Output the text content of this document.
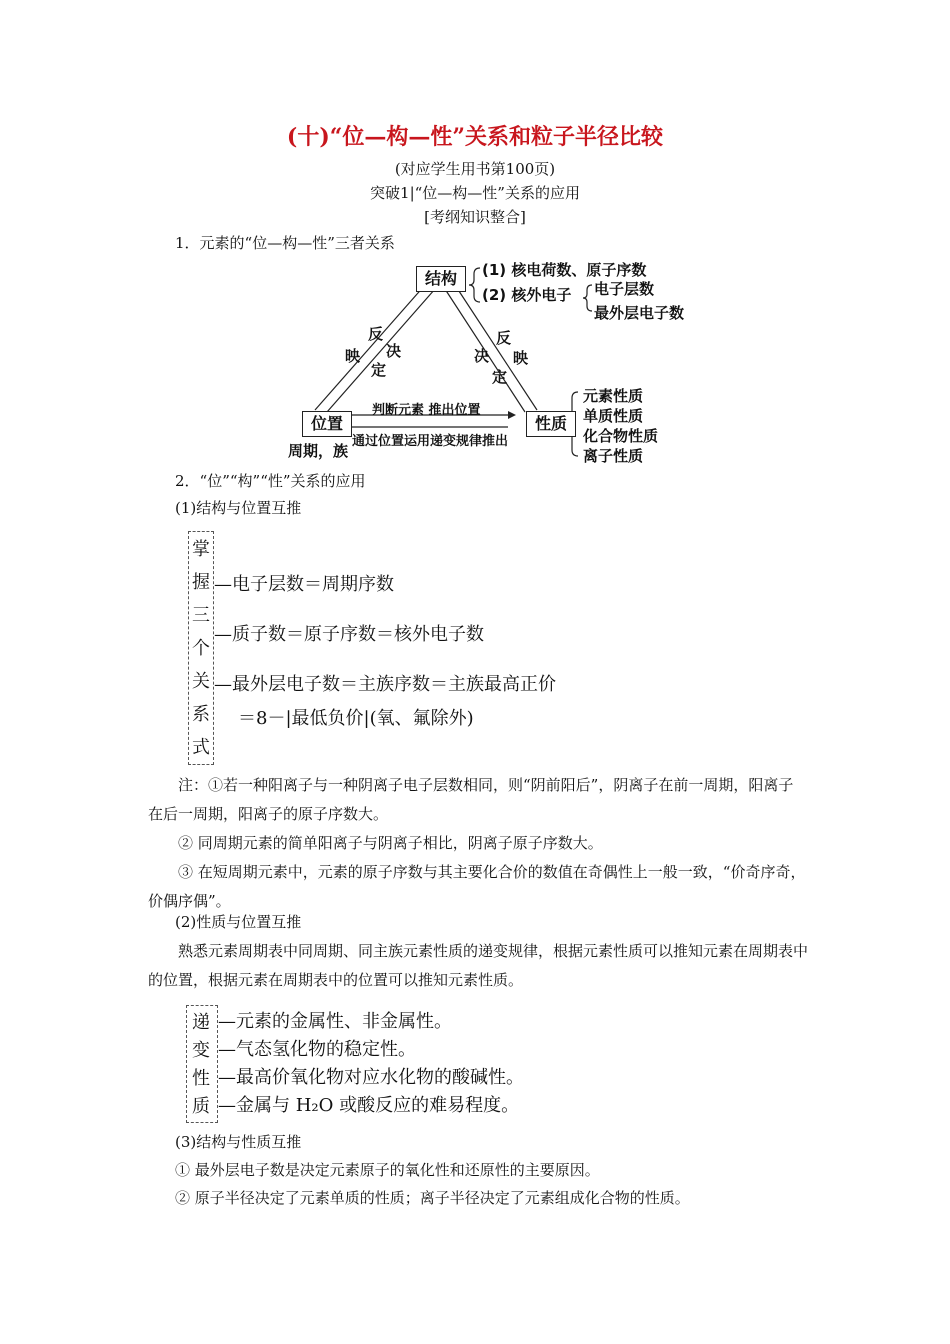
(十)“位—构—性”关系和粒子半径比较
(对应学生用书第100页)
突破1|“位—构—性”关系的应用
[考纲知识整合]
1．元素的“位—构—性”三者关系
结构
位置	性质
(1) 核电荷数、原子序数
(2) 核外电子 电子层数
最外层电子数
反
映 决
定
反
决 映
定
判断元素 推出位置
通过位置运用递变规律推出
周期，族
元素性质
单质性质
化合物性质
离子性质
2．“位”“构”“性”关系的应用
(1)结构与位置互推
掌
握
三
个
关
系
式
—电子层数＝周期序数
—质子数＝原子序数＝核外电子数
—最外层电子数＝主族序数＝主族最高正价
＝8－|最低负价|(氧、氟除外)
注：①若一种阳离子与一种阴离子电子层数相同，则“阴前阳后”，阴离子在前一周期，阳离子在后一周期，阳离子的原子序数大。
② 同周期元素的简单阳离子与阴离子相比，阴离子原子序数大。
③ 在短周期元素中，元素的原子序数与其主要化合价的数值在奇偶性上一般一致，“价奇序奇，价偶序偶”。
(2)性质与位置互推
熟悉元素周期表中同周期、同主族元素性质的递变规律，根据元素性质可以推知元素在周期表中的位置，根据元素在周期表中的位置可以推知元素性质。
递
变
性
质
—元素的金属性、非金属性。
—气态氢化物的稳定性。
—最高价氧化物对应水化物的酸碱性。
—金属与 H₂O 或酸反应的难易程度。
(3)结构与性质互推
① 最外层电子数是决定元素原子的氧化性和还原性的主要原因。
② 原子半径决定了元素单质的性质；离子半径决定了元素组成化合物的性质。
